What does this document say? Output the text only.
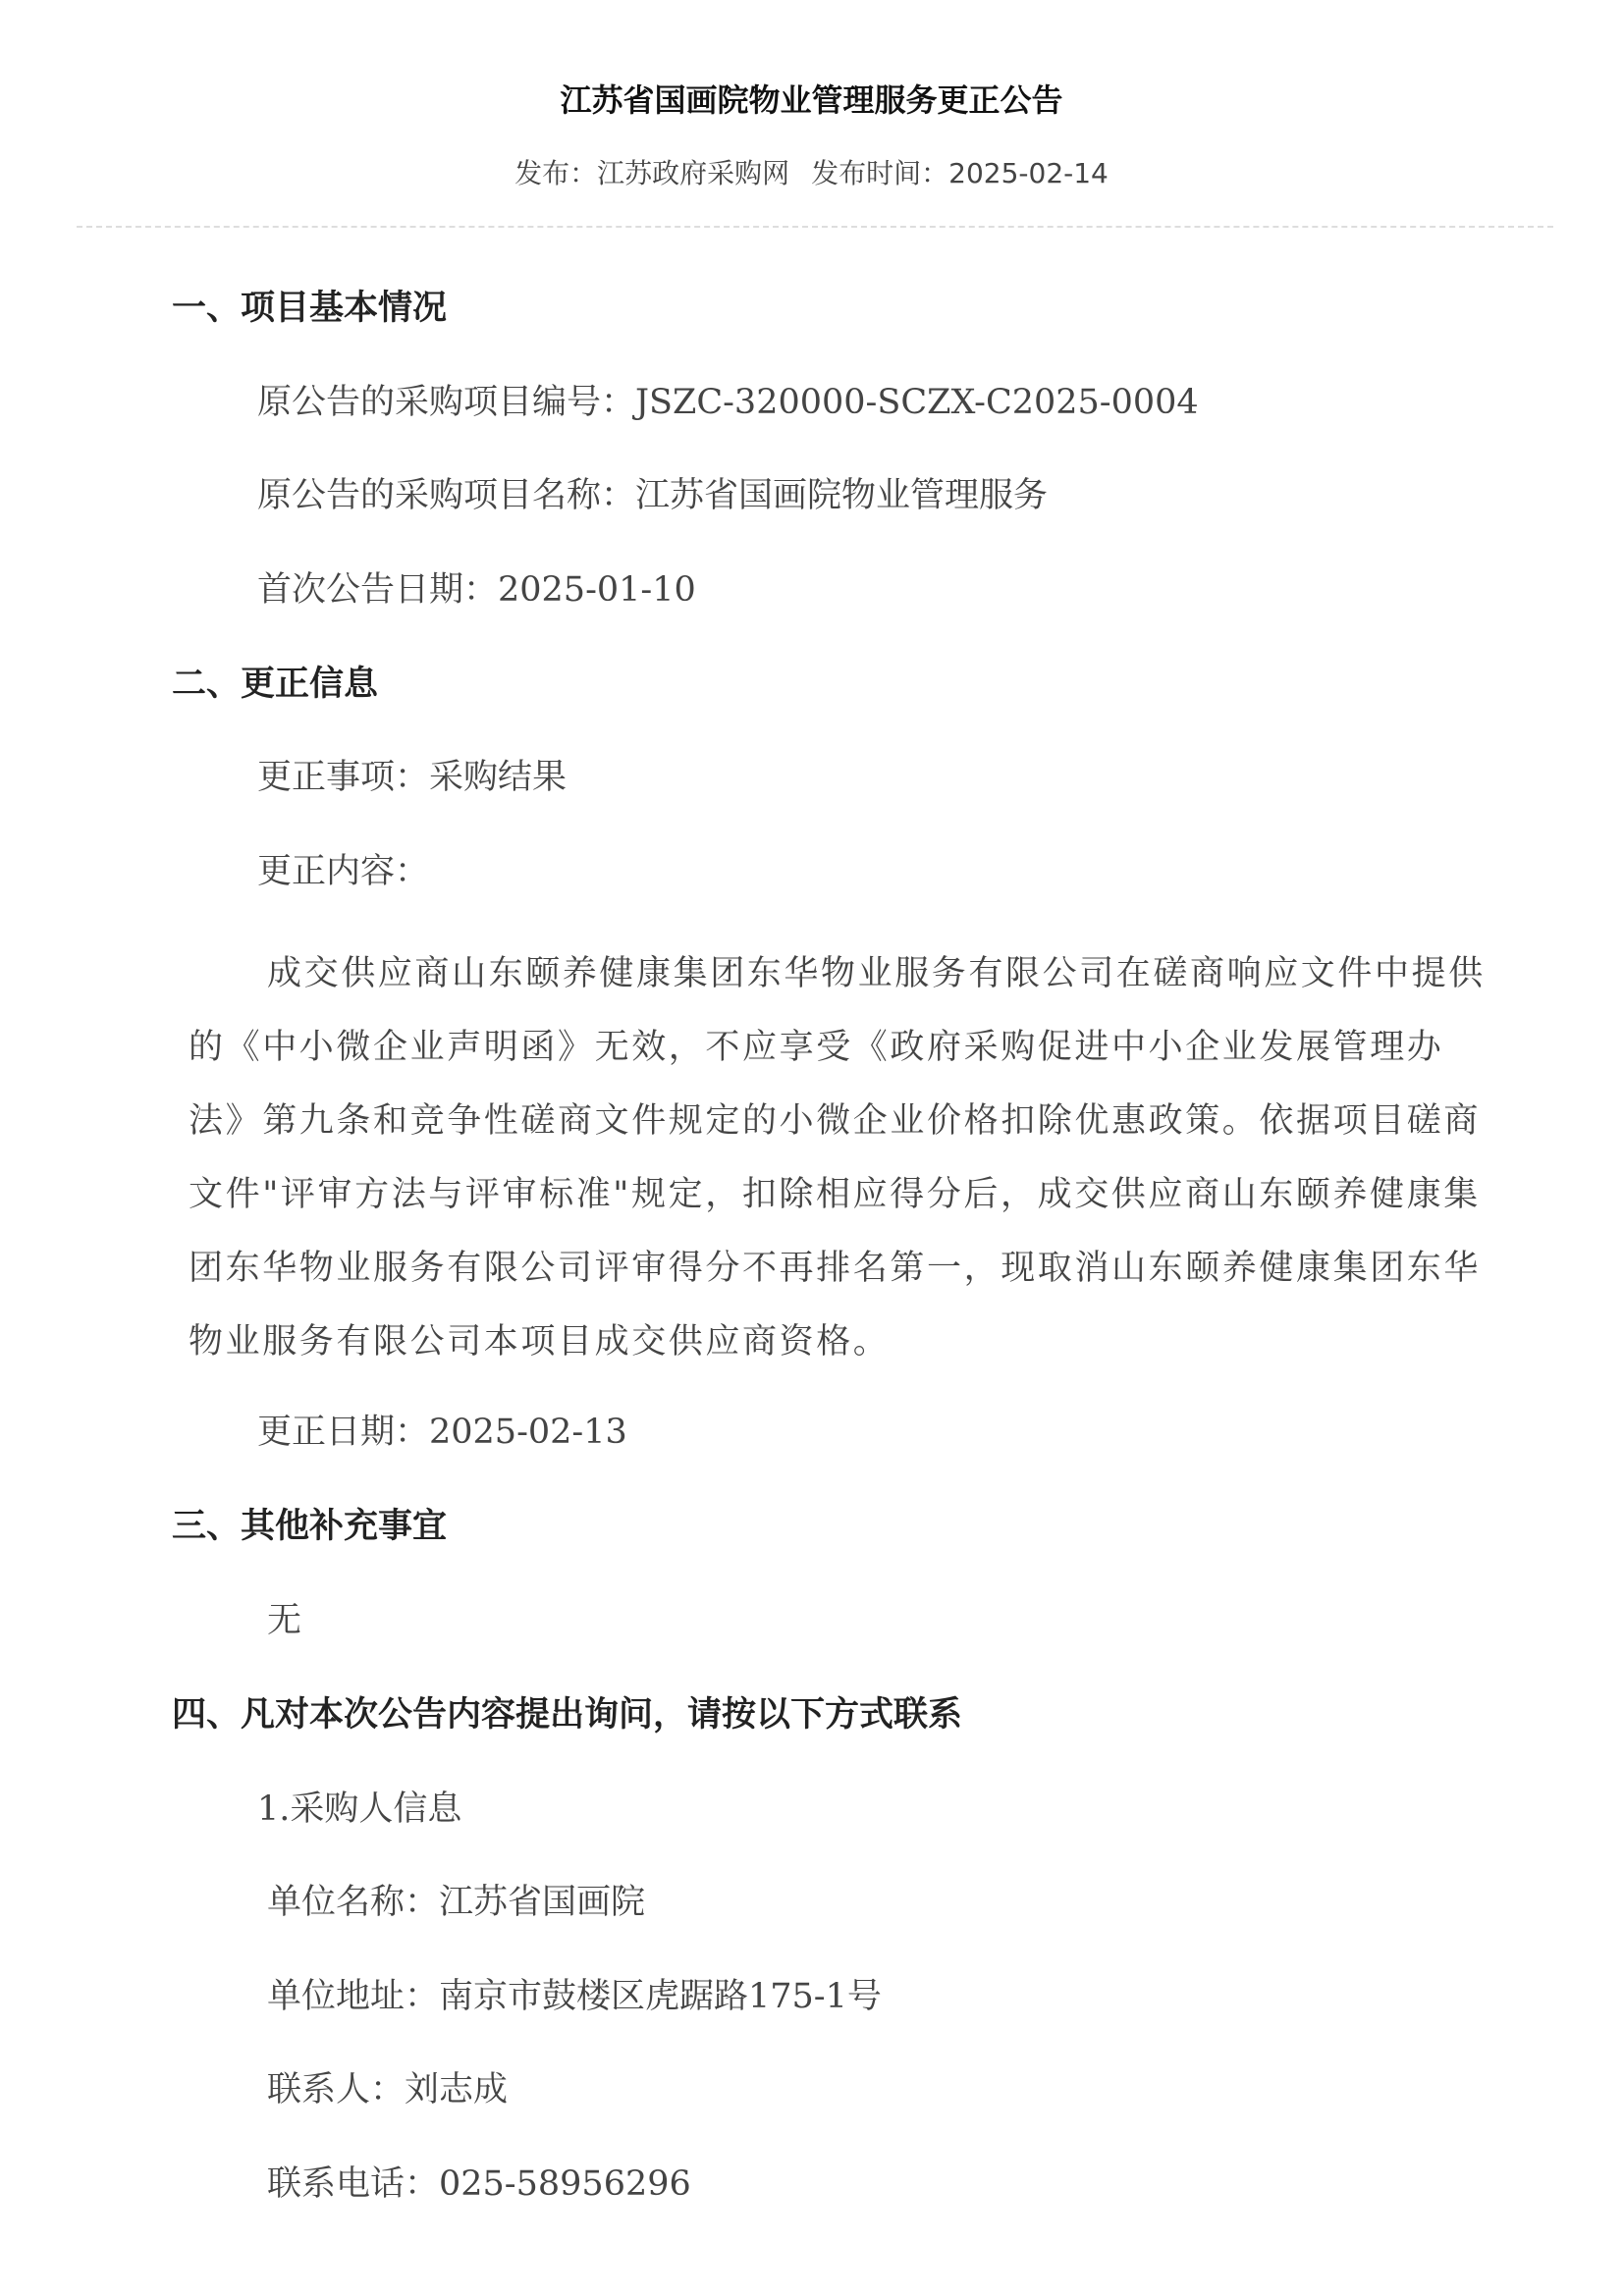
江苏省国画院物业管理服务更正公告
发布：江苏政府采购网 发布时间：2025-02-14
一、项目基本情况
原公告的采购项目编号：JSZC-320000-SCZX-C2025-0004
原公告的采购项目名称：江苏省国画院物业管理服务
首次公告日期：2025-01-10
二、更正信息
更正事项：采购结果
更正内容：

成交供应商山东颐养健康集团东华物业服务有限公司在磋商响应文件中提供的《中小微企业声明函》无效，不应享受《政府采购促进中小企业发展管理办法》第九条和竞争性磋商文件规定的小微企业价格扣除优惠政策。依据项目磋商文件"评审方法与评审标准"规定，扣除相应得分后，成交供应商山东颐养健康集团东华物业服务有限公司评审得分不再排名第一，现取消山东颐养健康集团东华物业服务有限公司本项目成交供应商资格。

更正日期：2025-02-13
三、其他补充事宜
无
四、凡对本次公告内容提出询问，请按以下方式联系
1.采购人信息
单位名称：江苏省国画院
单位地址：南京市鼓楼区虎踞路175-1号
联系人：刘志成
联系电话：025-58956296
